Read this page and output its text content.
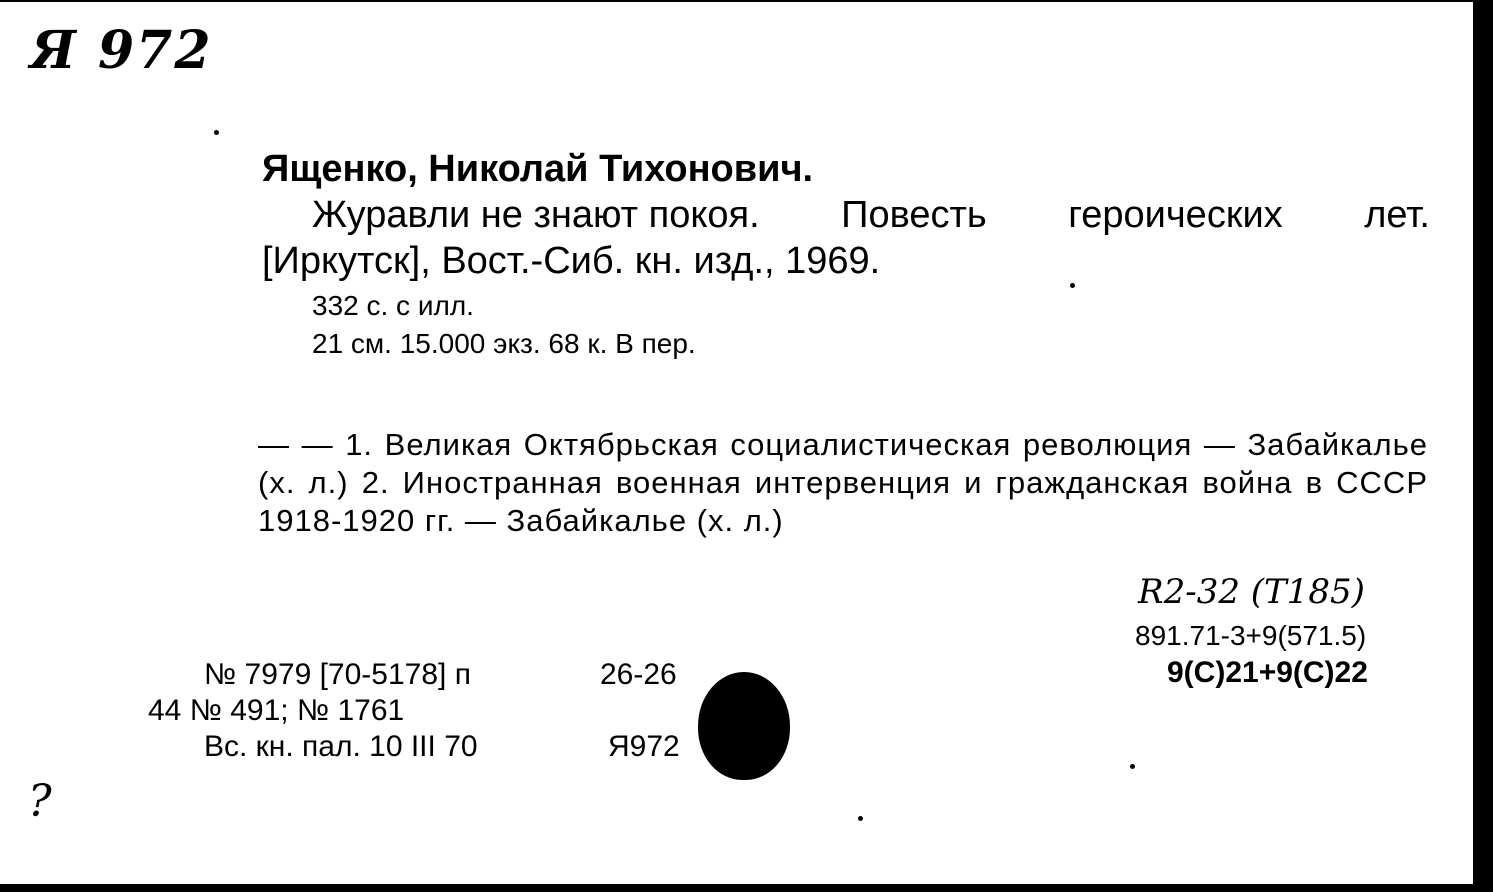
Я 972
Ященко, Николай Тихонович.
Журавли не знают покоя. Повесть героических лет.
[Иркутск], Вост.-Сиб. кн. изд., 1969.
332 с. с илл.
21 см. 15.000 экз. 68 к. В пер.
— — 1. Великая Октябрьская социалистическая революция — Забайкалье (х. л.) 2. Иностранная военная интервенция и гражданская война в СССР 1918-1920 гг. — Забайкалье (х. л.)
R2-32 (Т185)
891.71-3+9(571.5)
9(С)21+9(С)22
№ 7979 [70-5178] п	26-26
44 № 491; № 1761
Вс. кн. пал. 10 III 70	Я972
?
